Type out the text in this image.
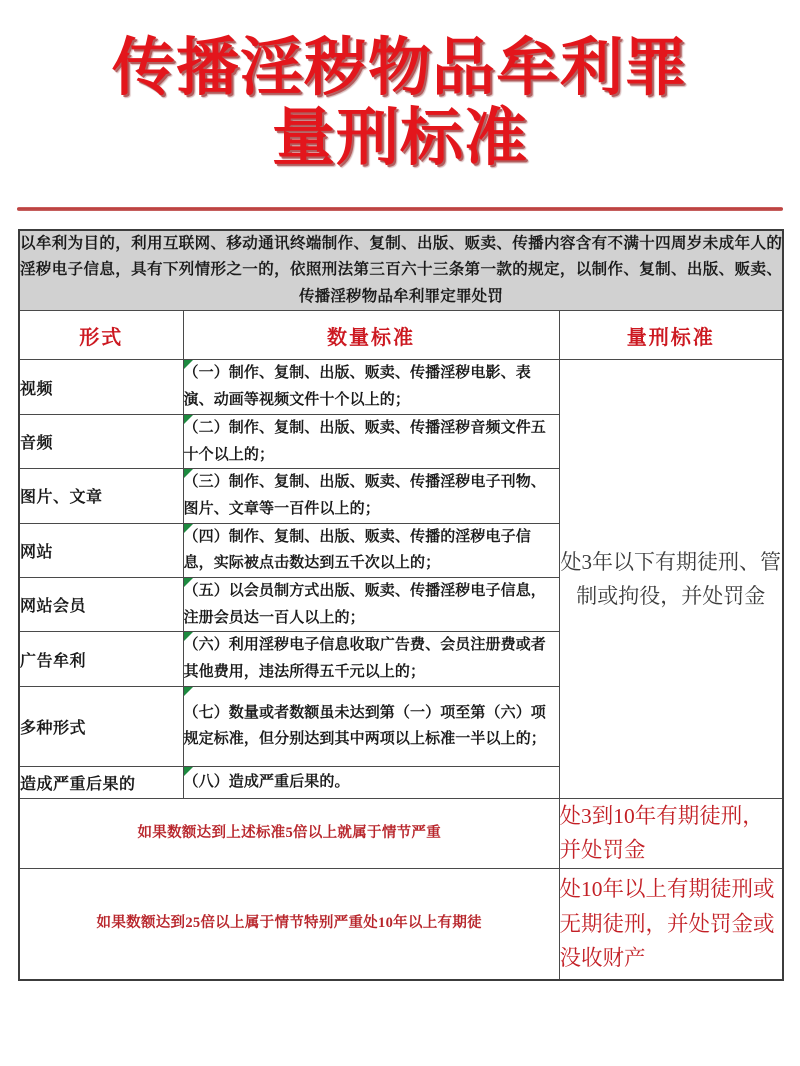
传播淫秽物品牟利罪
量刑标准
以牟利为目的，利用互联网、移动通讯终端制作、复制、出版、贩卖、传播内容含有不满十四周岁未成年人的淫秽电子信息，具有下列情形之一的，依照刑法第三百六十三条第一款的规定，以制作、复制、出版、贩卖、传播淫秽物品牟利罪定罪处罚		

形式	数量标准	量刑标准
视频	（一）制作、复制、出版、贩卖、传播淫秽电影、表演、动画等视频文件十个以上的；	处3年以下有期徒刑、管制或拘役，并处罚金
音频	（二）制作、复制、出版、贩卖、传播淫秽音频文件五十个以上的；	
图片、文章	（三）制作、复制、出版、贩卖、传播淫秽电子刊物、图片、文章等一百件以上的；	
网站	（四）制作、复制、出版、贩卖、传播的淫秽电子信息，实际被点击数达到五千次以上的；	
网站会员	（五）以会员制方式出版、贩卖、传播淫秽电子信息，注册会员达一百人以上的；	
广告牟利	（六）利用淫秽电子信息收取广告费、会员注册费或者其他费用，违法所得五千元以上的；	
多种形式	（七）数量或者数额虽未达到第（一）项至第（六）项规定标准，但分别达到其中两项以上标准一半以上的；	
造成严重后果的	（八）造成严重后果的。	
如果数额达到上述标准5倍以上就属于情节严重		处3到10年有期徒刑，并处罚金
如果数额达到25倍以上属于情节特别严重处10年以上有期徒		处10年以上有期徒刑或无期徒刑，并处罚金或没收财产
